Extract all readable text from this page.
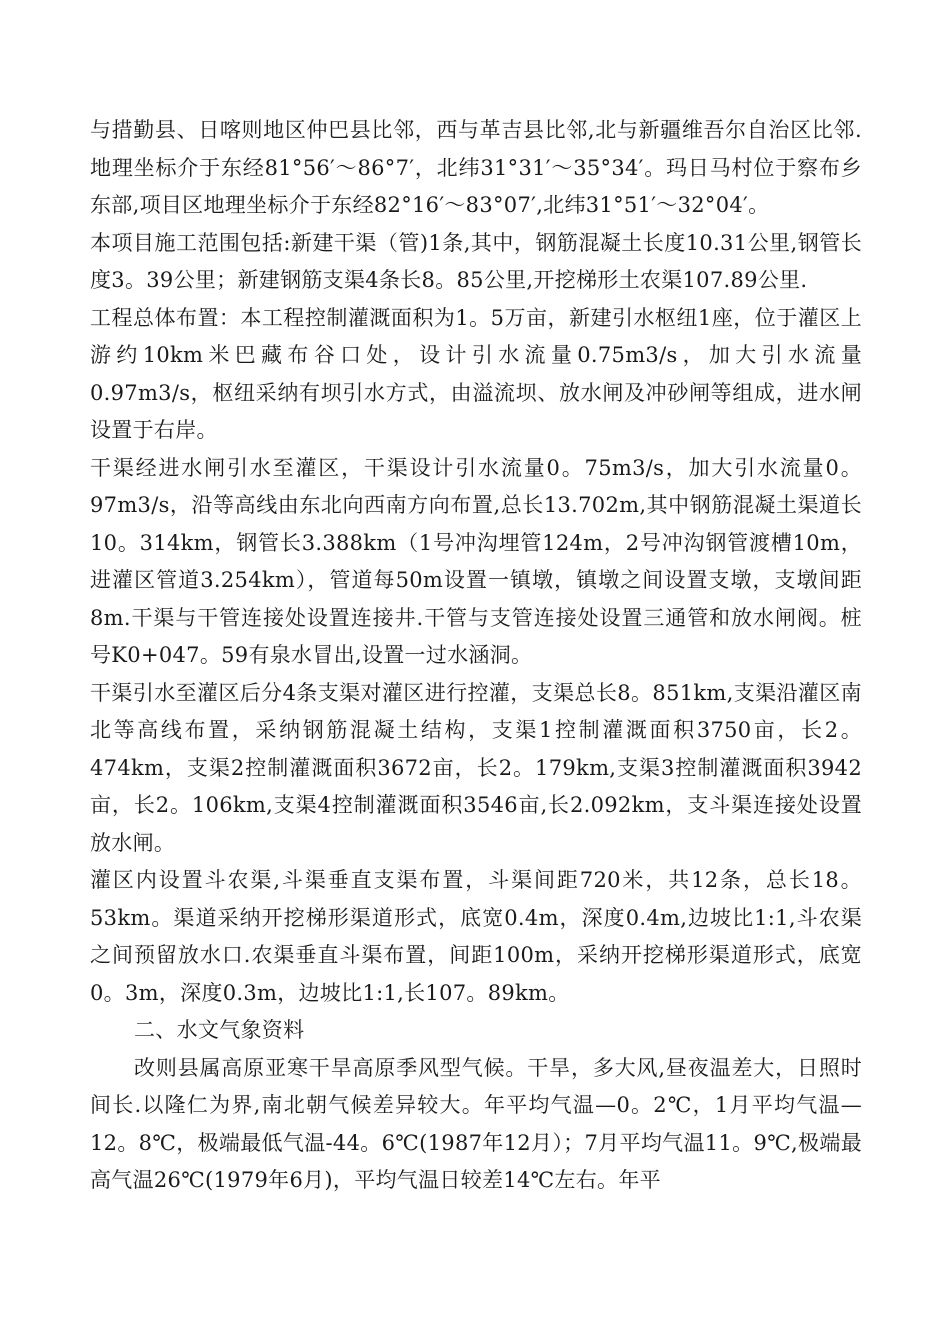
与措勤县、日喀则地区仲巴县比邻，西与革吉县比邻,北与新疆维吾尔自治区比邻.地理坐标介于东经81°56′～86°7′，北纬31°31′～35°34′。玛日马村位于察布乡东部,项目区地理坐标介于东经82°16′～83°07′,北纬31°51′～32°04′。

本项目施工范围包括:新建干渠（管)1条,其中，钢筋混凝土长度10.31公里,钢管长度3。39公里；新建钢筋支渠4条长8。85公里,开挖梯形土农渠107.89公里.

工程总体布置：本工程控制灌溉面积为1。5万亩，新建引水枢纽1座，位于灌区上游约10km米巴藏布谷口处，设计引水流量0.75m3/s，加大引水流量0.97m3/s，枢纽采纳有坝引水方式，由溢流坝、放水闸及冲砂闸等组成，进水闸设置于右岸。

干渠经进水闸引水至灌区，干渠设计引水流量0。75m3/s，加大引水流量0。97m3/s，沿等高线由东北向西南方向布置,总长13.702m,其中钢筋混凝土渠道长10。314km，钢管长3.388km（1号冲沟埋管124m，2号冲沟钢管渡槽10m，进灌区管道3.254km），管道每50m设置一镇墩，镇墩之间设置支墩，支墩间距8m.干渠与干管连接处设置连接井.干管与支管连接处设置三通管和放水闸阀。桩号K0+047。59有泉水冒出,设置一过水涵洞。

干渠引水至灌区后分4条支渠对灌区进行控灌，支渠总长8。851km,支渠沿灌区南北等高线布置，采纳钢筋混凝土结构，支渠1控制灌溉面积3750亩，长2。474km，支渠2控制灌溉面积3672亩，长2。179km,支渠3控制灌溉面积3942亩，长2。106km,支渠4控制灌溉面积3546亩,长2.092km，支斗渠连接处设置放水闸。

灌区内设置斗农渠,斗渠垂直支渠布置，斗渠间距720米，共12条，总长18。53km。渠道采纳开挖梯形渠道形式，底宽0.4m，深度0.4m,边坡比1:1,斗农渠之间预留放水口.农渠垂直斗渠布置，间距100m，采纳开挖梯形渠道形式，底宽0。3m，深度0.3m，边坡比1:1,长107。89km。

二、水文气象资料

改则县属高原亚寒干旱高原季风型气候。干旱，多大风,昼夜温差大，日照时间长.以隆仁为界,南北朝气候差异较大。年平均气温—0。2℃，1月平均气温—12。8℃，极端最低气温-44。6℃(1987年12月）；7月平均气温11。9℃,极端最高气温26℃(1979年6月)，平均气温日较差14℃左右。年平
